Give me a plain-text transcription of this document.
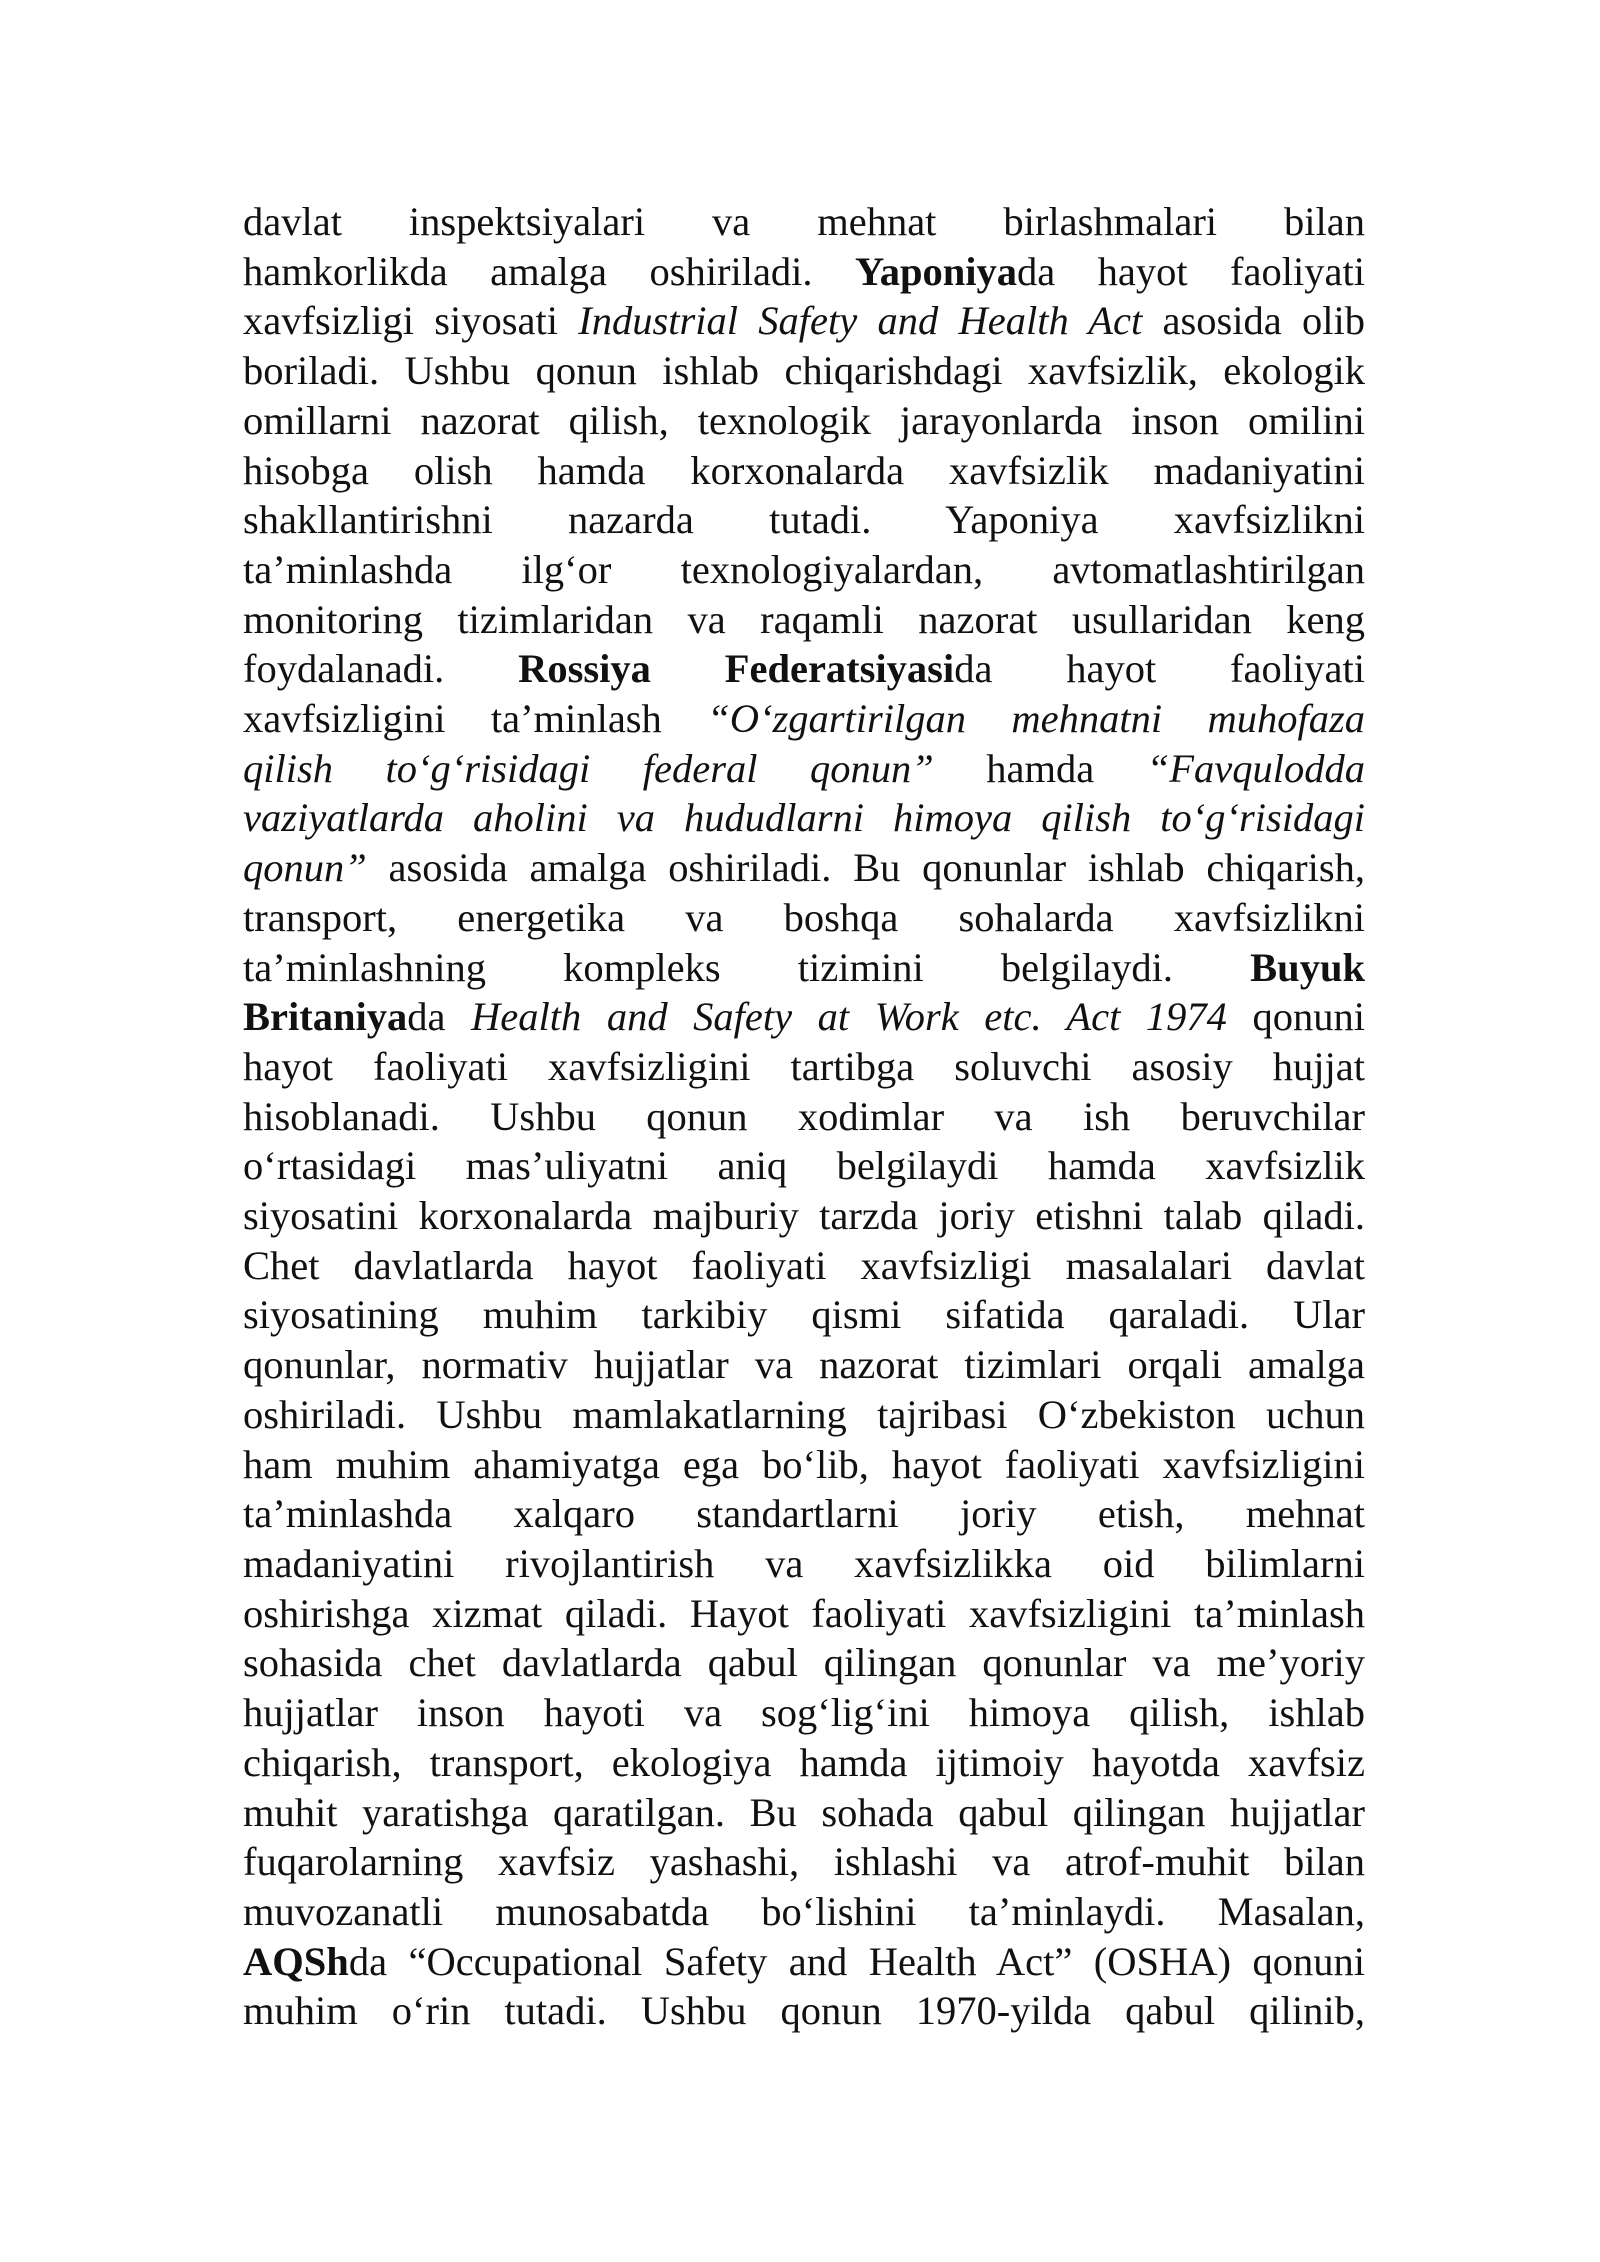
davlat inspektsiyalari va mehnat birlashmalari bilan
hamkorlikda amalga oshiriladi. Yaponiyada hayot faoliyati
xavfsizligi siyosati Industrial Safety and Health Act asosida olib
boriladi. Ushbu qonun ishlab chiqarishdagi xavfsizlik, ekologik
omillarni nazorat qilish, texnologik jarayonlarda inson omilini
hisobga olish hamda korxonalarda xavfsizlik madaniyatini
shakllantirishni nazarda tutadi. Yaponiya xavfsizlikni
ta’minlashda ilg‘or texnologiyalardan, avtomatlashtirilgan
monitoring tizimlaridan va raqamli nazorat usullaridan keng
foydalanadi. Rossiya Federatsiyasida hayot faoliyati
xavfsizligini ta’minlash “O‘zgartirilgan mehnatni muhofaza
qilish to‘g‘risidagi federal qonun” hamda “Favqulodda
vaziyatlarda aholini va hududlarni himoya qilish to‘g‘risidagi
qonun” asosida amalga oshiriladi. Bu qonunlar ishlab chiqarish,
transport, energetika va boshqa sohalarda xavfsizlikni
ta’minlashning kompleks tizimini belgilaydi. Buyuk
Britaniyada Health and Safety at Work etc. Act 1974 qonuni
hayot faoliyati xavfsizligini tartibga soluvchi asosiy hujjat
hisoblanadi. Ushbu qonun xodimlar va ish beruvchilar
o‘rtasidagi mas’uliyatni aniq belgilaydi hamda xavfsizlik
siyosatini korxonalarda majburiy tarzda joriy etishni talab qiladi.
Chet davlatlarda hayot faoliyati xavfsizligi masalalari davlat
siyosatining muhim tarkibiy qismi sifatida qaraladi. Ular
qonunlar, normativ hujjatlar va nazorat tizimlari orqali amalga
oshiriladi. Ushbu mamlakatlarning tajribasi O‘zbekiston uchun
ham muhim ahamiyatga ega bo‘lib, hayot faoliyati xavfsizligini
ta’minlashda xalqaro standartlarni joriy etish, mehnat
madaniyatini rivojlantirish va xavfsizlikka oid bilimlarni
oshirishga xizmat qiladi. Hayot faoliyati xavfsizligini ta’minlash
sohasida chet davlatlarda qabul qilingan qonunlar va me’yoriy
hujjatlar inson hayoti va sog‘lig‘ini himoya qilish, ishlab
chiqarish, transport, ekologiya hamda ijtimoiy hayotda xavfsiz
muhit yaratishga qaratilgan. Bu sohada qabul qilingan hujjatlar
fuqarolarning xavfsiz yashashi, ishlashi va atrof-muhit bilan
muvozanatli munosabatda bo‘lishini ta’minlaydi. Masalan,
AQShda “Occupational Safety and Health Act” (OSHA) qonuni
muhim o‘rin tutadi. Ushbu qonun 1970-yilda qabul qilinib,
